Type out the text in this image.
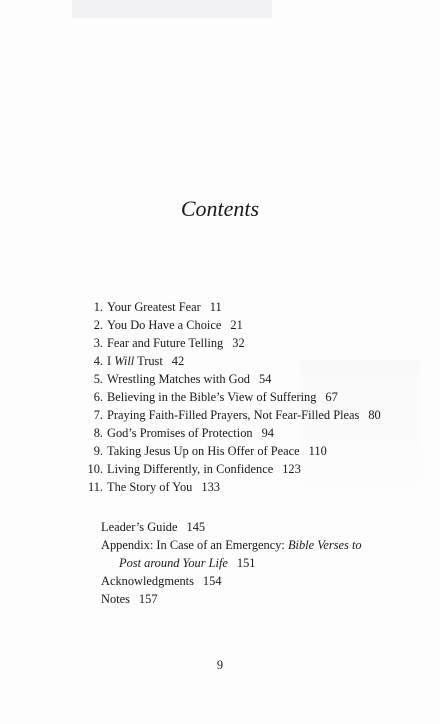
Contents
1. Your Greatest Fear 11
2. You Do Have a Choice 21
3. Fear and Future Telling 32
4. I Will Trust 42
5. Wrestling Matches with God 54
6. Believing in the Bible’s View of Suffering 67
7. Praying Faith-Filled Prayers, Not Fear-Filled Pleas 80
8. God’s Promises of Protection 94
9. Taking Jesus Up on His Offer of Peace 110
10. Living Differently, in Confidence 123
11. The Story of You 133
Leader’s Guide 145
Appendix: In Case of an Emergency: Bible Verses to
Post around Your Life 151
Acknowledgments 154
Notes 157
9
